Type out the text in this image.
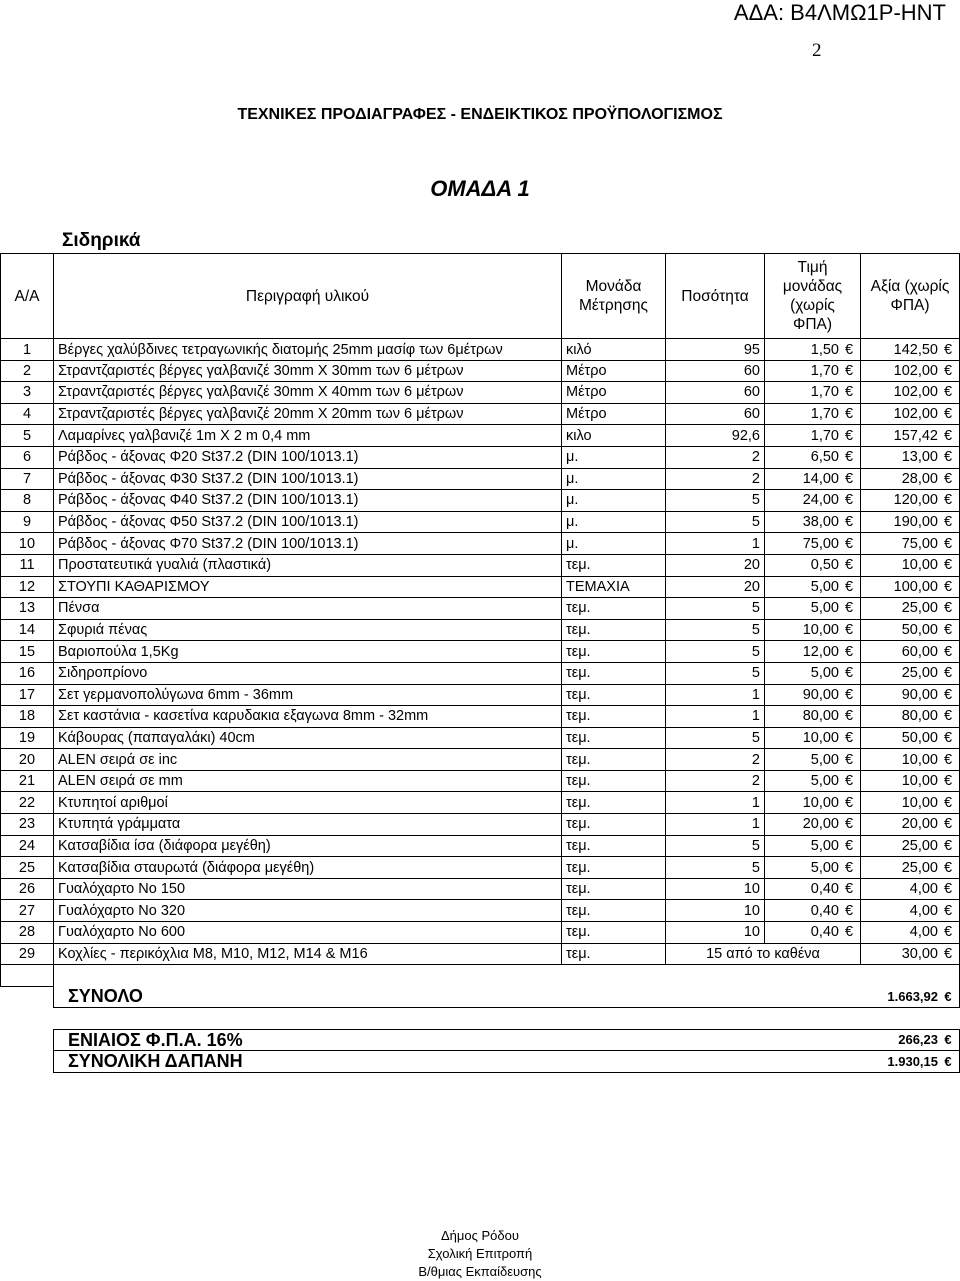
ΑΔΑ: Β4ΛΜΩ1Ρ-ΗΝΤ
2
ΤΕΧΝΙΚΕΣ ΠΡΟΔΙΑΓΡΑΦΕΣ - ΕΝΔΕΙΚΤΙΚΟΣ ΠΡΟΫΠΟΛΟΓΙΣΜΟΣ
ΟΜΑΔΑ 1
Σιδηρικά
Α/Α	Περιγραφή υλικού	Μονάδα Μέτρησης	Ποσότητα	Τιμή μονάδας (χωρίς ΦΠΑ)	Αξία (χωρίς ΦΠΑ)
1	Βέργες χαλύβδινες τετραγωνικής διατομής 25mm μασίφ των 6μέτρων	κιλό	95	1,50 €	142,50 €
2	Στραντζαριστές βέργες γαλβανιζέ 30mm X 30mm των 6 μέτρων	Μέτρο	60	1,70 €	102,00 €
3	Στραντζαριστές βέργες γαλβανιζέ 30mm X 40mm των 6 μέτρων	Μέτρο	60	1,70 €	102,00 €
4	Στραντζαριστές βέργες γαλβανιζέ 20mm X 20mm των 6 μέτρων	Μέτρο	60	1,70 €	102,00 €
5	Λαμαρίνες γαλβανιζέ 1m X 2 m 0,4 mm	κιλο	92,6	1,70 €	157,42 €
6	Ράβδος - άξονας Φ20 St37.2 (DIN 100/1013.1)	μ.	2	6,50 €	13,00 €
7	Ράβδος - άξονας Φ30 St37.2 (DIN 100/1013.1)	μ.	2	14,00 €	28,00 €
8	Ράβδος - άξονας Φ40 St37.2 (DIN 100/1013.1)	μ.	5	24,00 €	120,00 €
9	Ράβδος - άξονας Φ50 St37.2 (DIN 100/1013.1)	μ.	5	38,00 €	190,00 €
10	Ράβδος - άξονας Φ70 St37.2 (DIN 100/1013.1)	μ.	1	75,00 €	75,00 €
11	Προστατευτικά γυαλιά (πλαστικά)	τεμ.	20	0,50 €	10,00 €
12	ΣΤΟΥΠΙ ΚΑΘΑΡΙΣΜΟΥ	ΤΕΜΑΧΙΑ	20	5,00 €	100,00 €
13	Πένσα	τεμ.	5	5,00 €	25,00 €
14	Σφυριά πένας	τεμ.	5	10,00 €	50,00 €
15	Βαριοπούλα 1,5Kg	τεμ.	5	12,00 €	60,00 €
16	Σιδηροπρίονο	τεμ.	5	5,00 €	25,00 €
17	Σετ γερμανοπολύγωνα 6mm - 36mm	τεμ.	1	90,00 €	90,00 €
18	Σετ καστάνια - κασετίνα καρυδακια εξαγωνα 8mm - 32mm	τεμ.	1	80,00 €	80,00 €
19	Κάβουρας (παπαγαλάκι) 40cm	τεμ.	5	10,00 €	50,00 €
20	ALEN σειρά σε inc	τεμ.	2	5,00 €	10,00 €
21	ALEN σειρά σε mm	τεμ.	2	5,00 €	10,00 €
22	Κτυπητοί αριθμοί	τεμ.	1	10,00 €	10,00 €
23	Κτυπητά γράμματα	τεμ.	1	20,00 €	20,00 €
24	Κατσαβίδια ίσα (διάφορα μεγέθη)	τεμ.	5	5,00 €	25,00 €
25	Κατσαβίδια σταυρωτά (διάφορα μεγέθη)	τεμ.	5	5,00 €	25,00 €
26	Γυαλόχαρτο Νο 150	τεμ.	10	0,40 €	4,00 €
27	Γυαλόχαρτο Νο 320	τεμ.	10	0,40 €	4,00 €
28	Γυαλόχαρτο Νο 600	τεμ.	10	0,40 €	4,00 €
29	Κοχλίες - περικόχλια Μ8, Μ10, Μ12, Μ14 & Μ16	τεμ.	15 από το καθένα		30,00 €

	ΣΥΝΟΛΟ				1.663,92 €

	ΕΝΙΑΙΟΣ Φ.Π.Α. 16%				266,23 €
	ΣΥΝΟΛΙΚΗ ΔΑΠΑΝΗ				1.930,15 €
Δήμος Ρόδου
Σχολική Επιτροπή
Β/θμιας Εκπαίδευσης
